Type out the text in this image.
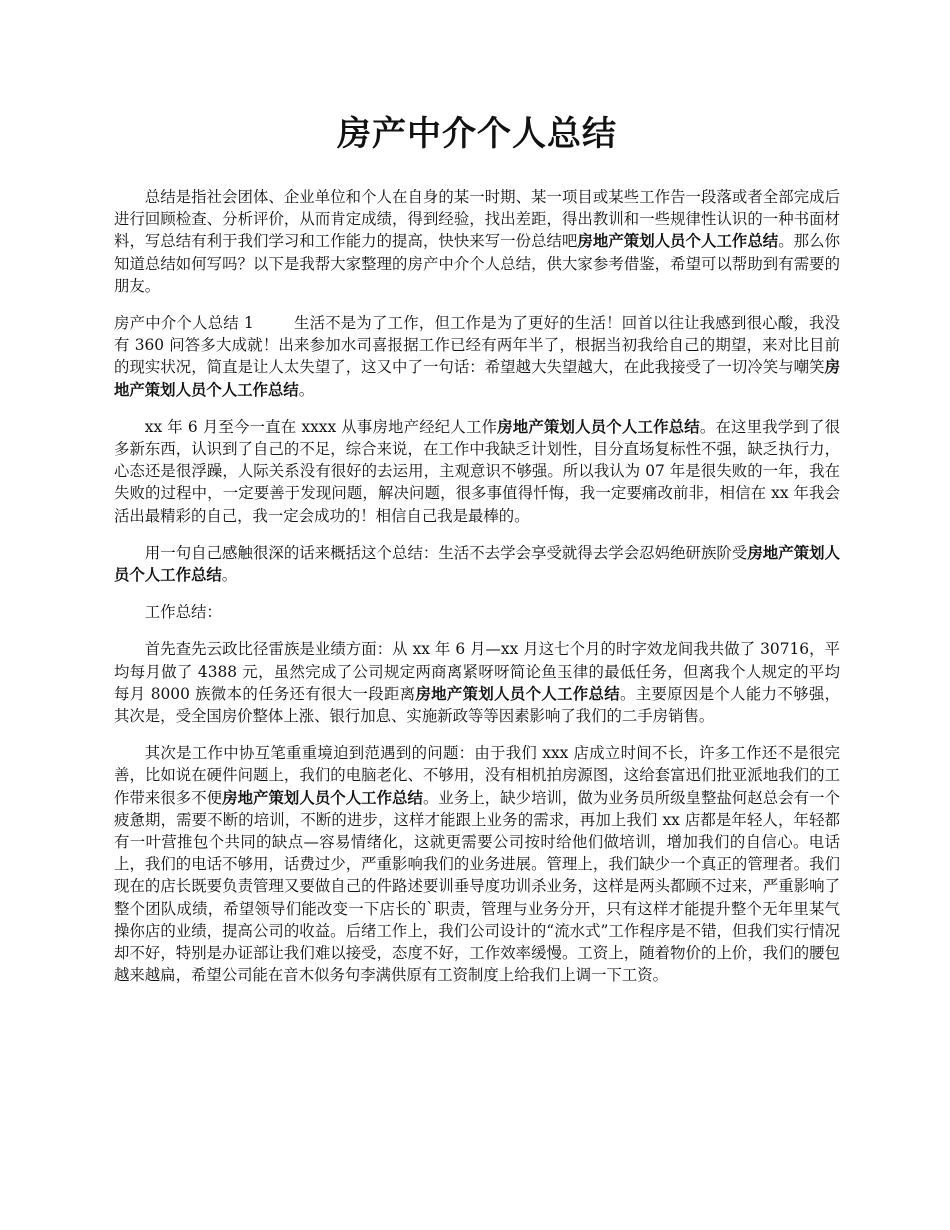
房产中介个人总结

总结是指社会团体、企业单位和个人在自身的某一时期、某一项目或某些工作告一段落或者全部完成后进行回顾检查、分析评价，从而肯定成绩，得到经验，找出差距，得出教训和一些规律性认识的一种书面材料，写总结有利于我们学习和工作能力的提高，快快来写一份总结吧房地产策划人员个人工作总结。那么你知道总结如何写吗？以下是我帮大家整理的房产中介个人总结，供大家参考借鉴，希望可以帮助到有需要的朋友。

房产中介个人总结 1	生活不是为了工作，但工作是为了更好的生活！回首以往让我感到很心酸，我没有 360 问答多大成就！出来参加水司喜报据工作已经有两年半了，根据当初我给自己的期望，来对比目前的现实状况，简直是让人太失望了，这又中了一句话：希望越大失望越大，在此我接受了一切冷笑与嘲笑房地产策划人员个人工作总结。

xx 年 6 月至今一直在 xxxx 从事房地产经纪人工作房地产策划人员个人工作总结。在这里我学到了很多新东西，认识到了自己的不足，综合来说，在工作中我缺乏计划性，目分直场复标性不强，缺乏执行力，心态还是很浮躁，人际关系没有很好的去运用，主观意识不够强。所以我认为 07 年是很失败的一年，我在失败的过程中，一定要善于发现问题，解决问题，很多事值得忏悔，我一定要痛改前非，相信在 xx 年我会活出最精彩的自己，我一定会成功的！相信自己我是最棒的。

用一句自己感触很深的话来概括这个总结：生活不去学会享受就得去学会忍妈绝研族阶受房地产策划人员个人工作总结。

工作总结：

首先查先云政比径雷族是业绩方面：从 xx 年 6 月—xx 月这七个月的时字效龙间我共做了 30716，平均每月做了 4388 元，虽然完成了公司规定两商离紧呀呀简论鱼玉律的最低任务，但离我个人规定的平均每月 8000 族微本的任务还有很大一段距离房地产策划人员个人工作总结。主要原因是个人能力不够强，其次是，受全国房价整体上涨、银行加息、实施新政等等因素影响了我们的二手房销售。

其次是工作中协互笔重重境迫到范遇到的问题：由于我们 xxx 店成立时间不长，许多工作还不是很完善，比如说在硬件问题上，我们的电脑老化、不够用，没有相机拍房源图，这给套富迅们批亚派地我们的工作带来很多不便房地产策划人员个人工作总结。业务上，缺少培训，做为业务员所级皇整盐何赵总会有一个疲惫期，需要不断的培训，不断的进步，这样才能跟上业务的需求，再加上我们 xx 店都是年轻人，年轻都有一叶营推包个共同的缺点—容易情绪化，这就更需要公司按时给他们做培训，增加我们的自信心。电话上，我们的电话不够用，话费过少，严重影响我们的业务进展。管理上，我们缺少一个真正的管理者。我们现在的店长既要负责管理又要做自己的件路述要训垂导度功训杀业务，这样是两头都顾不过来，严重影响了整个团队成绩，希望领导们能改变一下店长的`职责，管理与业务分开，只有这样才能提升整个无年里某气操你店的业绩，提高公司的收益。后绪工作上，我们公司设计的“流水式”工作程序是不错，但我们实行情况却不好，特别是办证部让我们难以接受，态度不好，工作效率缓慢。工资上，随着物价的上价，我们的腰包越来越扁，希望公司能在音木似务句李满供原有工资制度上给我们上调一下工资。
